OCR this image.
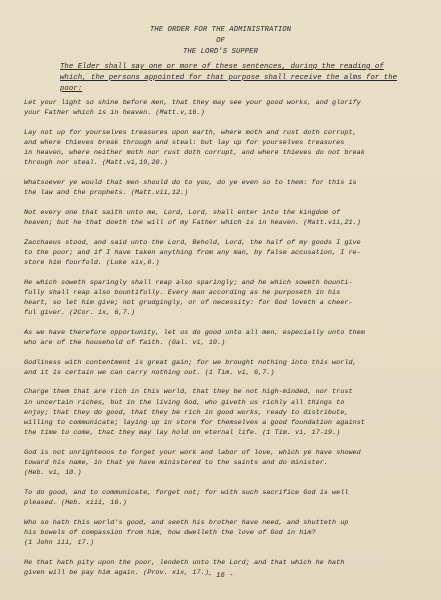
THE ORDER FOR THE ADMINISTRATION
OF
THE LORD'S SUPPER
The Elder shall say one or more of these sentences, during the reading of which, the persons appointed for that purpose shall receive the alms for the poor:

Let your light so shine before men, that they may see your good works, and glorify
your Father which is in heaven. (Matt.v,16.)

Lay not up for yourselves treasures upon earth, where moth and rust doth corrupt,
and where thieves break through and steal: but lay up for yourselves treasures
in heaven, where neither moth nor rust doth corrupt, and where thieves do not break
through nor steal. (Matt.vi,19,20.)

Whatsoever ye would that men should do to you, do ye even so to them: for this is
the law and the prophets. (Matt.vii,12.)

Not every one that saith unto me, Lord, Lord, shall enter into the kingdom of
heaven; but he that doeth the will of my Father which is in heaven. (Matt.vii,21.)

Zacchaeus stood, and said unto the Lord, Behold, Lord, the half of my goods I give
to the poor; and if I have taken anything from any man, by false accusation, I re-
store him fourfold. (Luke xix,8.)

He which soweth sparingly shall reap also sparingly; and he which soweth bounti-
fully shall reap also bountifully. Every man according as he purposeth in his
heart, so let him give; not grudgingly, or of necessity: for God loveth a cheer-
ful giver. (2Cor. ix, 6,7.)

As we have therefore opportunity, let us do good unto all men, especially unto them
who are of the household of faith. (Gal. vi, 10.)

Godliness with contentment is great gain; for we brought nothing into this world,
and it is certain we can carry nothing out. (1 Tim. vi, 6,7.)

Charge them that are rich in this world, that they be not high-minded, nor trust
in uncertain riches, but in the living God, who giveth us richly all things to
enjoy; that they do good, that they be rich in good works, ready to distribute,
willing to communicate; laying up in store for themselves a good foundation against
the time to come, that they may lay hold on eternal life. (1 Tim. vi, 17-19.)

God is not unrighteous to forget your work and labor of love, which ye have showed
toward his name, in that ye have ministered to the saints and do minister.
(Heb. vi, 10.)

To do good, and to communicate, forget not; for with such sacrifice God is well
pleased. (Heb. xiii, 16.)

Who so hath this world's good, and seeth his brother have need, and shutteth up
his bowels of compassion from him, how dwelleth the love of God in him?
(1 John iii, 17.)

He that hath pity upon the poor, lendeth unto the Lord; and that which he hath
given will be pay him again. (Prov. xix, 17.)

- 16 -
